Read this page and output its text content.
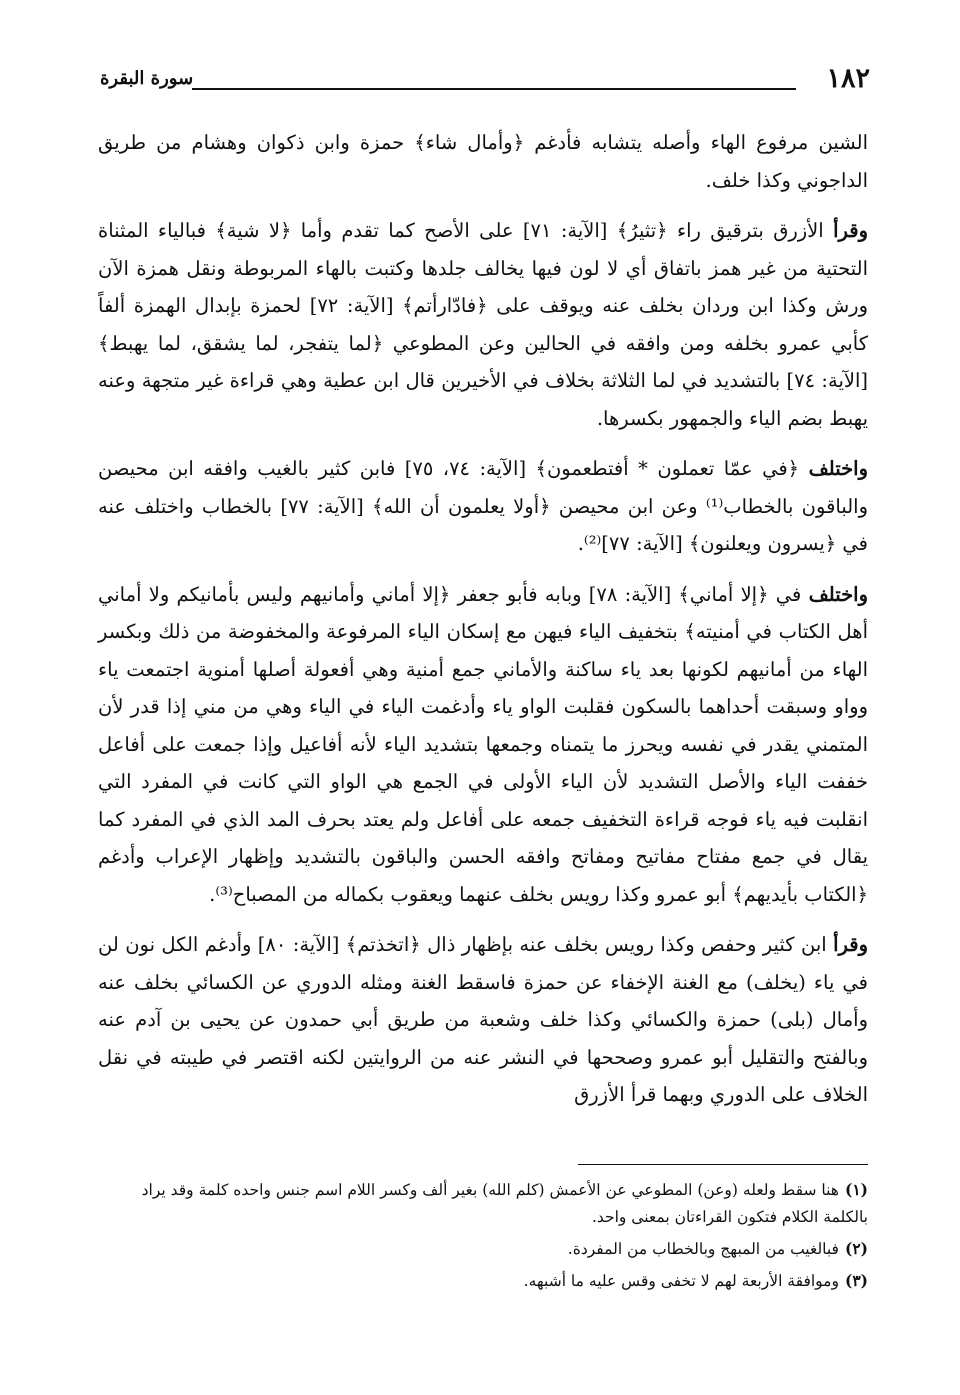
١٨٢
سورة البقرة

الشين مرفوع الهاء وأصله يتشابه فأدغم ﴿وأمال شاء﴾ حمزة وابن ذكوان وهشام من طريق الداجوني وكذا خلف.

وقرأ الأزرق بترقيق راء ﴿تثيرُ﴾ [الآية: ٧١] على الأصح كما تقدم وأما ﴿لا شية﴾ فبالياء المثناة التحتية من غير همز باتفاق أي لا لون فيها يخالف جلدها وكتبت بالهاء المربوطة ونقل همزة الآن ورش وكذا ابن وردان بخلف عنه ويوقف على ﴿فادّارأتم﴾ [الآية: ٧٢] لحمزة بإبدال الهمزة ألفاً كأبي عمرو بخلفه ومن وافقه في الحالين وعن المطوعي ﴿لما يتفجر، لما يشقق، لما يهبط﴾ [الآية: ٧٤] بالتشديد في لما الثلاثة بخلاف في الأخيرين قال ابن عطية وهي قراءة غير متجهة وعنه يهبط بضم الياء والجمهور بكسرها.

واختلف ﴿في عمّا تعملون * أفتطعمون﴾ [الآية: ٧٤، ٧٥] فابن كثير بالغيب وافقه ابن محيصن والباقون بالخطاب⁽¹⁾ وعن ابن محيصن ﴿أولا يعلمون أن الله﴾ [الآية: ٧٧] بالخطاب واختلف عنه في ﴿يسرون ويعلنون﴾ [الآية: ٧٧]⁽²⁾.

واختلف في ﴿إلا أماني﴾ [الآية: ٧٨] وبابه فأبو جعفر ﴿إلا أماني وأمانيهم وليس بأمانيكم ولا أماني أهل الكتاب في أمنيته﴾ بتخفيف الياء فيهن مع إسكان الياء المرفوعة والمخفوضة من ذلك وبكسر الهاء من أمانيهم لكونها بعد ياء ساكنة والأماني جمع أمنية وهي أفعولة أصلها أمنوية اجتمعت ياء وواو وسبقت أحداهما بالسكون فقلبت الواو ياء وأدغمت الياء في الياء وهي من مني إذا قدر لأن المتمني يقدر في نفسه ويحرز ما يتمناه وجمعها بتشديد الياء لأنه أفاعيل وإذا جمعت على أفاعل خففت الياء والأصل التشديد لأن الياء الأولى في الجمع هي الواو التي كانت في المفرد التي انقلبت فيه ياء فوجه قراءة التخفيف جمعه على أفاعل ولم يعتد بحرف المد الذي في المفرد كما يقال في جمع مفتاح مفاتيح ومفاتح وافقه الحسن والباقون بالتشديد وإظهار الإعراب وأدغم ﴿الكتاب بأيديهم﴾ أبو عمرو وكذا رويس بخلف عنهما ويعقوب بكماله من المصباح⁽³⁾.

وقرأ ابن كثير وحفص وكذا رويس بخلف عنه بإظهار ذال ﴿اتخذتم﴾ [الآية: ٨٠] وأدغم الكل نون لن في ياء (يخلف) مع الغنة الإخفاء عن حمزة فاسقط الغنة ومثله الدوري عن الكسائي بخلف عنه وأمال (بلى) حمزة والكسائي وكذا خلف وشعبة من طريق أبي حمدون عن يحيى بن آدم عنه وبالفتح والتقليل أبو عمرو وصححها في النشر عنه من الروايتين لكنه اقتصر في طيبته في نقل الخلاف على الدوري وبهما قرأ الأزرق

(١)هنا سقط ولعله (وعن) المطوعي عن الأعمش (كلم الله) بغير ألف وكسر اللام اسم جنس واحده كلمة وقد يراد بالكلمة الكلام فتكون القراءتان بمعنى واحد.

(٢)فبالغيب من المبهج وبالخطاب من المفردة.

(٣)وموافقة الأربعة لهم لا تخفى وقس عليه ما أشبهه.
